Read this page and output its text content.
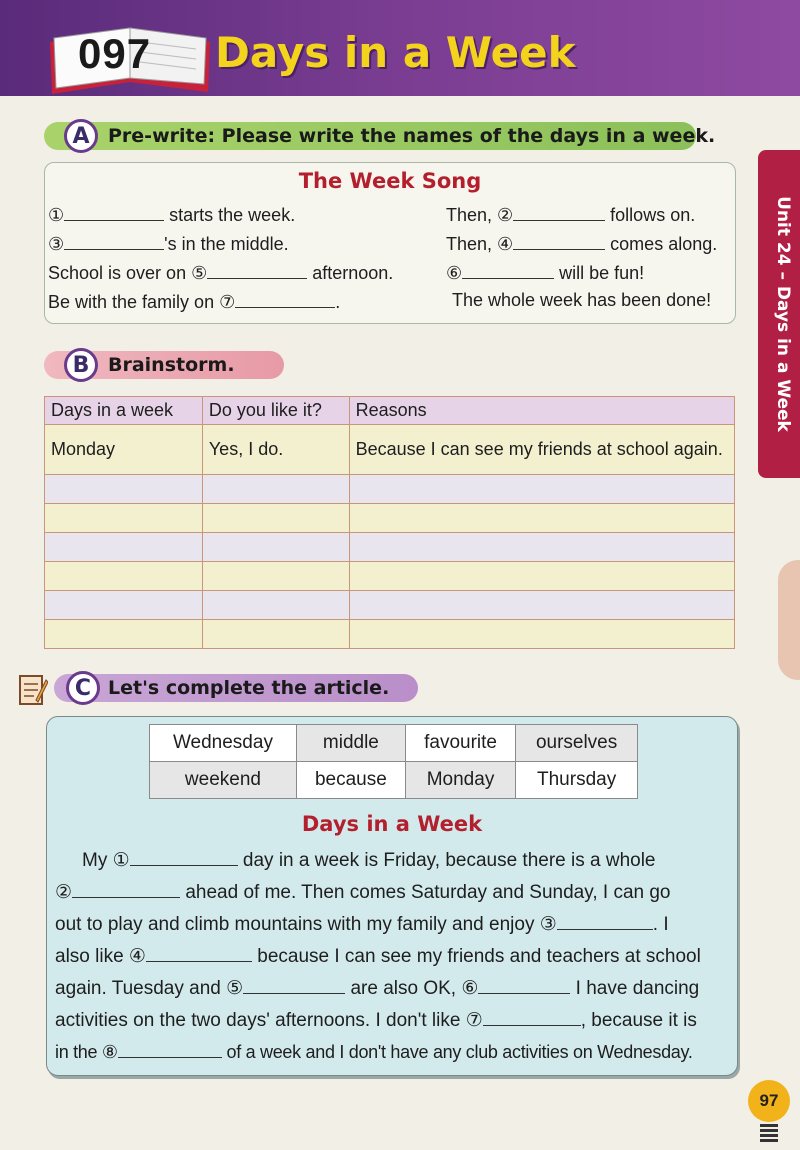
097 Days in a Week
Unit 24 – Days in a Week
A Pre-write: Please write the names of the days in a week.
The Week Song
①	starts the week.	Then, ②	follows on.
③	's in the middle.	Then, ④	comes along.
School is over on ⑤	afternoon.	⑥	will be fun!
Be with the family on ⑦	.	The whole week has been done!
B Brainstorm.
Days in a week	Do you like it?	Reasons
Monday	Yes, I do.	Because I can see my friends at school again.

C Let's complete the article.
Wednesday	middle	favourite	ourselves
weekend	because	Monday	Thursday
Days in a Week
My ①	day in a week is Friday, because there is a whole
②	ahead of me. Then comes Saturday and Sunday, I can go
out to play and climb mountains with my family and enjoy ③	. I
also like ④	because I can see my friends and teachers at school
again. Tuesday and ⑤	are also OK, ⑥	I have dancing
activities on the two days' afternoons. I don't like ⑦	, because it is
in the ⑧	of a week and I don't have any club activities on Wednesday.
97
